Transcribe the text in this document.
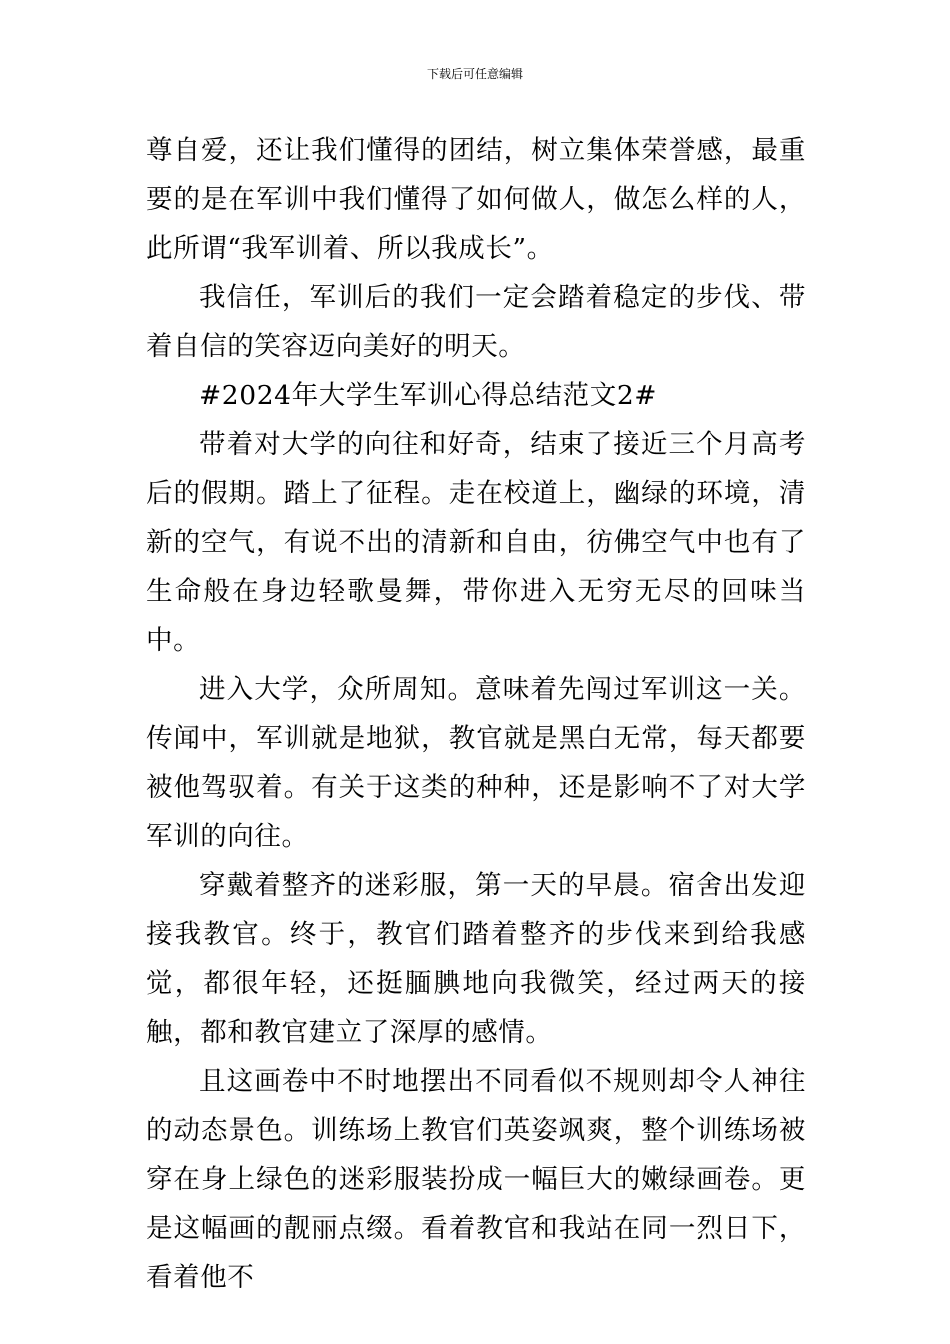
下载后可任意编辑

尊自爱，还让我们懂得的团结，树立集体荣誉感，最重要的是在军训中我们懂得了如何做人，做怎么样的人，此所谓“我军训着、所以我成长”。

我信任，军训后的我们一定会踏着稳定的步伐、带着自信的笑容迈向美好的明天。

#2024年大学生军训心得总结范文2#

带着对大学的向往和好奇，结束了接近三个月高考后的假期。踏上了征程。走在校道上，幽绿的环境，清新的空气，有说不出的清新和自由，彷佛空气中也有了生命般在身边轻歌曼舞，带你进入无穷无尽的回味当中。

进入大学，众所周知。意味着先闯过军训这一关。传闻中，军训就是地狱，教官就是黑白无常，每天都要被他驾驭着。有关于这类的种种，还是影响不了对大学军训的向往。

穿戴着整齐的迷彩服，第一天的早晨。宿舍出发迎接我教官。终于，教官们踏着整齐的步伐来到给我感觉，都很年轻，还挺腼腆地向我微笑，经过两天的接触，都和教官建立了深厚的感情。

且这画卷中不时地摆出不同看似不规则却令人神往的动态景色。训练场上教官们英姿飒爽，整个训练场被穿在身上绿色的迷彩服装扮成一幅巨大的嫩绿画卷。更是这幅画的靓丽点缀。看着教官和我站在同一烈日下，看着他不
